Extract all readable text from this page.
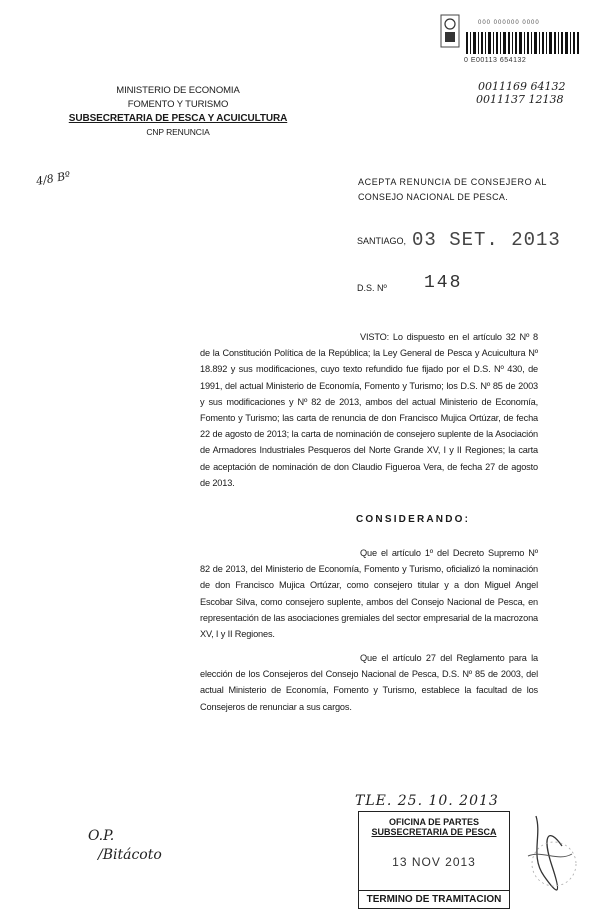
000 000000 0000
0 E00113 654132
0011169 64132
0011137 12138
MINISTERIO DE ECONOMIA
FOMENTO Y TURISMO
SUBSECRETARIA DE PESCA Y ACUICULTURA
CNP RENUNCIA
4/8 Bº	ACEPTA RENUNCIA DE CONSEJERO AL
CONSEJO NACIONAL DE PESCA.
SANTIAGO, 03 SET. 2013
D.S. Nº 148
VISTO: Lo dispuesto en el artículo 32 Nº 8 de la Constitución Política de la República; la Ley General de Pesca y Acuicultura Nº 18.892 y sus modificaciones, cuyo texto refundido fue fijado por el D.S. Nº 430, de 1991, del actual Ministerio de Economía, Fomento y Turismo; los D.S. Nº 85 de 2003 y sus modificaciones y Nº 82 de 2013, ambos del actual Ministerio de Economía, Fomento y Turismo; las carta de renuncia de don Francisco Mujica Ortúzar, de fecha 22 de agosto de 2013; la carta de nominación de consejero suplente de la Asociación de Armadores Industriales Pesqueros del Norte Grande XV, I y II Regiones; la carta de aceptación de nominación de don Claudio Figueroa Vera, de fecha 27 de agosto de 2013.
CONSIDERANDO:
Que el artículo 1º del Decreto Supremo Nº 82 de 2013, del Ministerio de Economía, Fomento y Turismo, oficializó la nominación de don Francisco Mujica Ortúzar, como consejero titular y a don Miguel Angel Escobar Silva, como consejero suplente, ambos del Consejo Nacional de Pesca, en representación de las asociaciones gremiales del sector empresarial de la macrozona XV, I y II Regiones.
Que el artículo 27 del Reglamento para la elección de los Consejeros del Consejo Nacional de Pesca, D.S. Nº 85 de 2003, del actual Ministerio de Economía, Fomento y Turismo, establece la facultad de los Consejeros de renunciar a sus cargos.
TLE. 25. 10. 2013
O.P.
/Bitácoto
OFICINA DE PARTES
SUBSECRETARIA DE PESCA
13 NOV 2013
TERMINO DE TRAMITACION
